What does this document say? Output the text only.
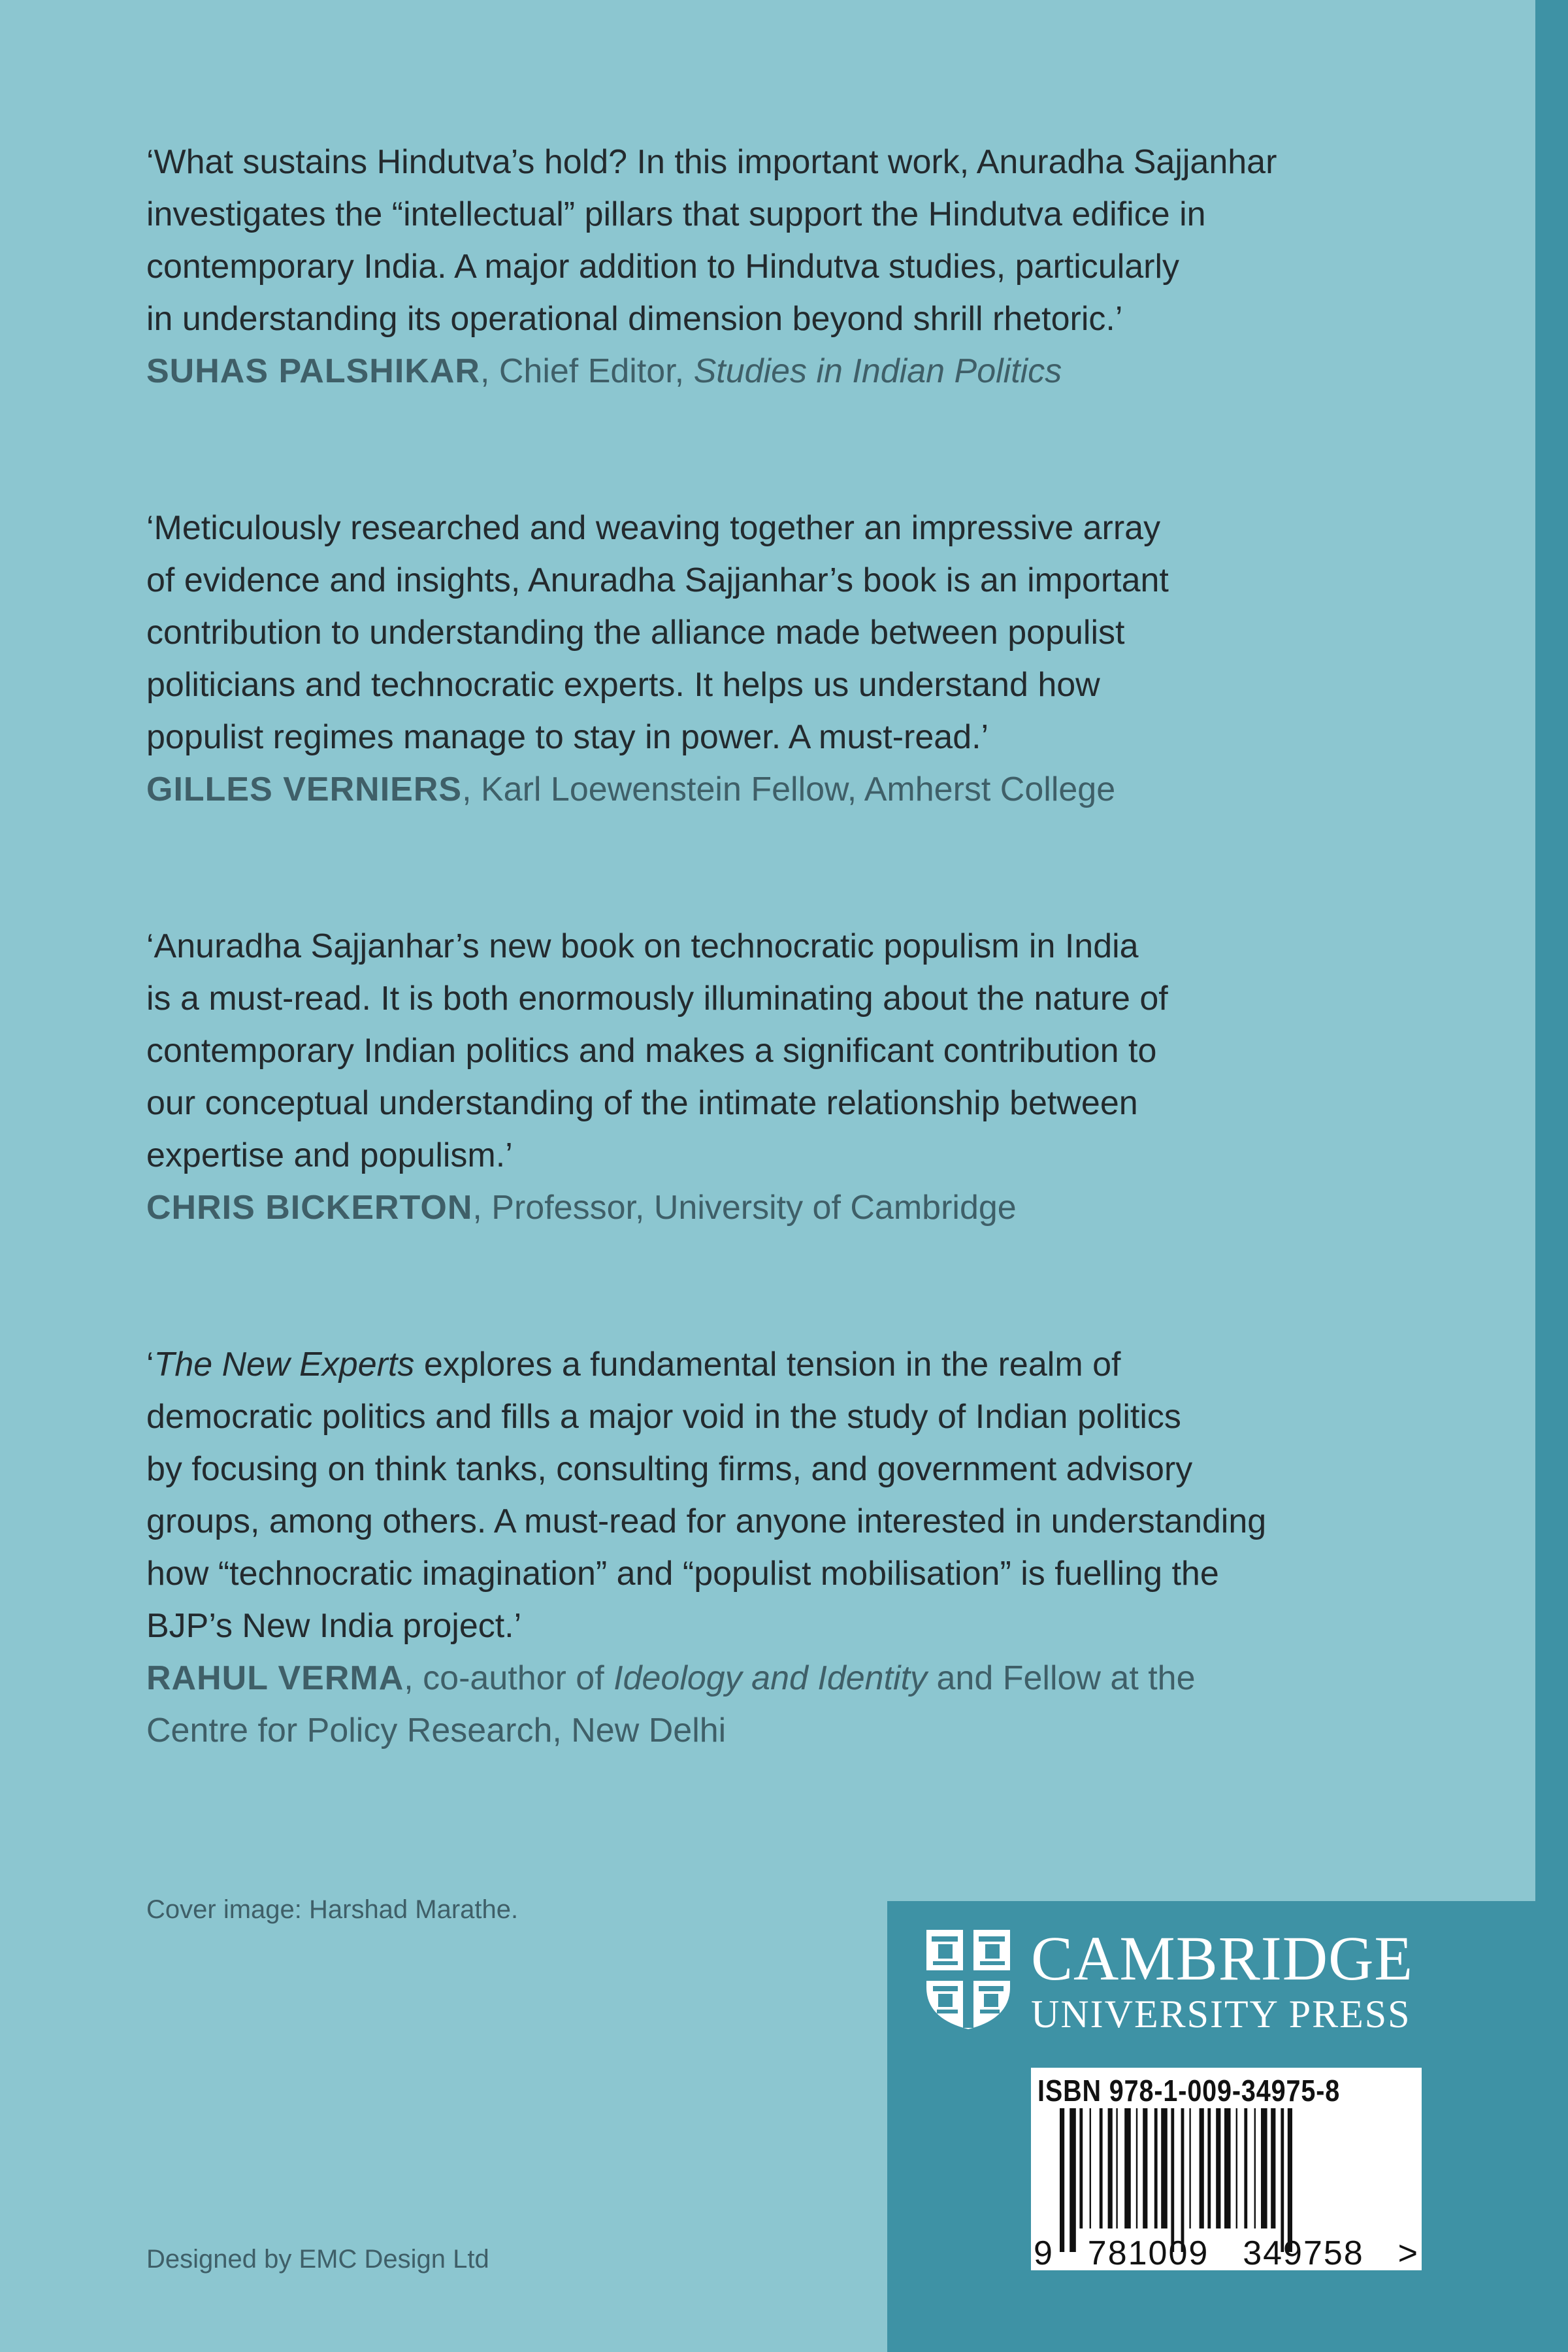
‘What sustains Hindutva’s hold? In this important work, Anuradha Sajjanhar
investigates the “intellectual” pillars that support the Hindutva edifice in
contemporary India. A major addition to Hindutva studies, particularly
in understanding its operational dimension beyond shrill rhetoric.’

SUHAS PALSHIKAR, Chief Editor, Studies in Indian Politics

‘Meticulously researched and weaving together an impressive array
of evidence and insights, Anuradha Sajjanhar’s book is an important
contribution to understanding the alliance made between populist
politicians and technocratic experts. It helps us understand how
populist regimes manage to stay in power. A must-read.’

GILLES VERNIERS, Karl Loewenstein Fellow, Amherst College

‘Anuradha Sajjanhar’s new book on technocratic populism in India
is a must-read. It is both enormously illuminating about the nature of
contemporary Indian politics and makes a significant contribution to
our conceptual understanding of the intimate relationship between
expertise and populism.’

CHRIS BICKERTON, Professor, University of Cambridge

‘The New Experts explores a fundamental tension in the realm of
democratic politics and fills a major void in the study of Indian politics
by focusing on think tanks, consulting firms, and government advisory
groups, among others. A must-read for anyone interested in understanding
how “technocratic imagination” and “populist mobilisation” is fuelling the
BJP’s New India project.’

RAHUL VERMA, co-author of Ideology and Identity and Fellow at the
Centre for Policy Research, New Delhi

Cover image: Harshad Marathe.
Designed by EMC Design Ltd
CAMBRIDGE
UNIVERSITY PRESS
ISBN 978-1-009-34975-8
9 781009 349758 >
